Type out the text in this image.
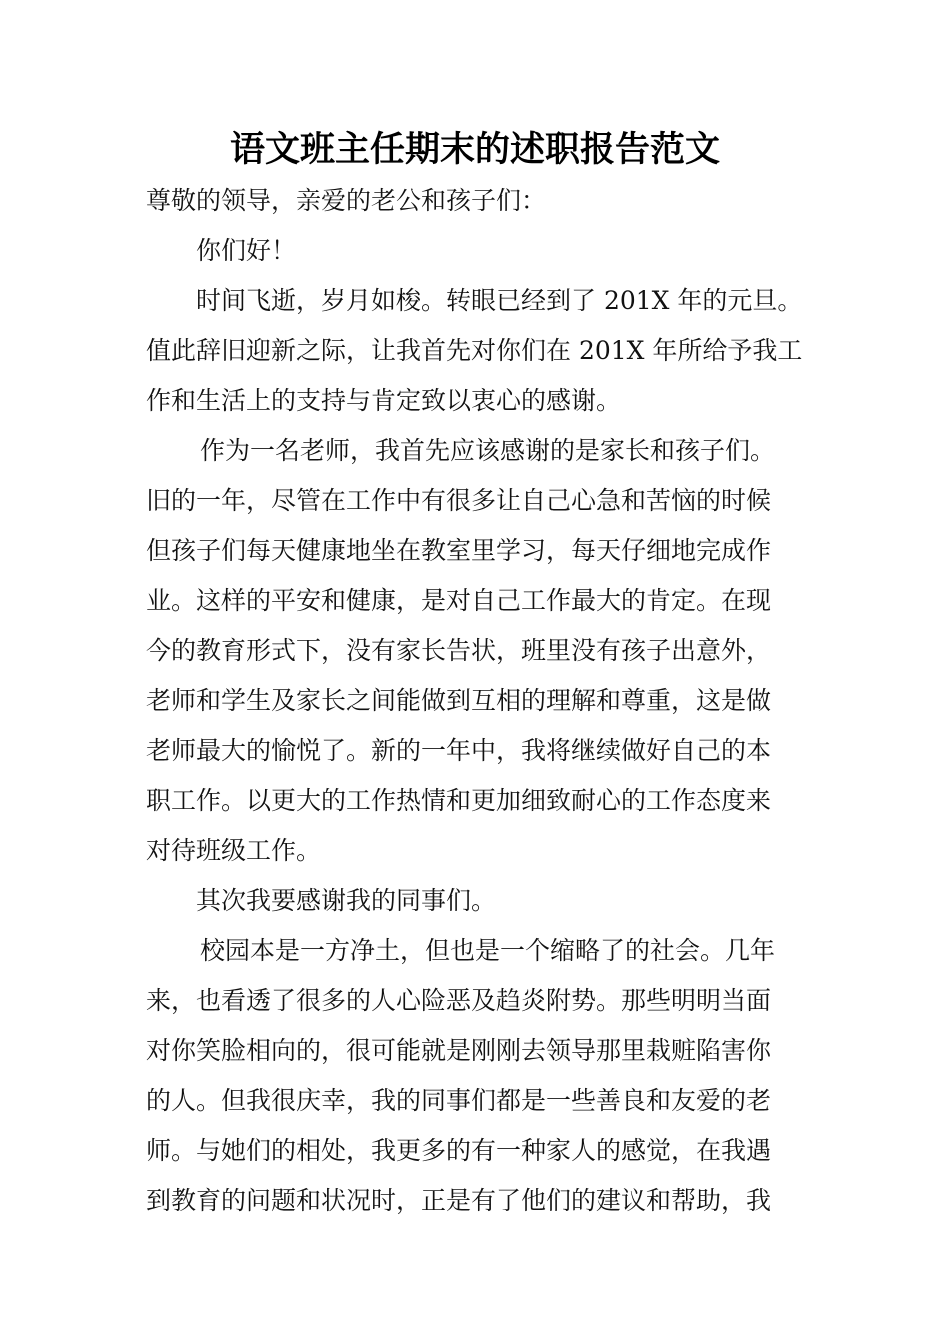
语文班主任期末的述职报告范文
尊敬的领导，亲爱的老公和孩子们：
你们好！
时间飞逝，岁月如梭。转眼已经到了 201X 年的元旦。
值此辞旧迎新之际，让我首先对你们在 201X 年所给予我工
作和生活上的支持与肯定致以衷心的感谢。
作为一名老师，我首先应该感谢的是家长和孩子们。
旧的一年，尽管在工作中有很多让自己心急和苦恼的时候
但孩子们每天健康地坐在教室里学习，每天仔细地完成作
业。这样的平安和健康，是对自己工作最大的肯定。在现
今的教育形式下，没有家长告状，班里没有孩子出意外，
老师和学生及家长之间能做到互相的理解和尊重，这是做
老师最大的愉悦了。新的一年中，我将继续做好自己的本
职工作。以更大的工作热情和更加细致耐心的工作态度来
对待班级工作。
其次我要感谢我的同事们。
校园本是一方净土，但也是一个缩略了的社会。几年
来，也看透了很多的人心险恶及趋炎附势。那些明明当面
对你笑脸相向的，很可能就是刚刚去领导那里栽赃陷害你
的人。但我很庆幸，我的同事们都是一些善良和友爱的老
师。与她们的相处，我更多的有一种家人的感觉，在我遇
到教育的问题和状况时，正是有了他们的建议和帮助，我
